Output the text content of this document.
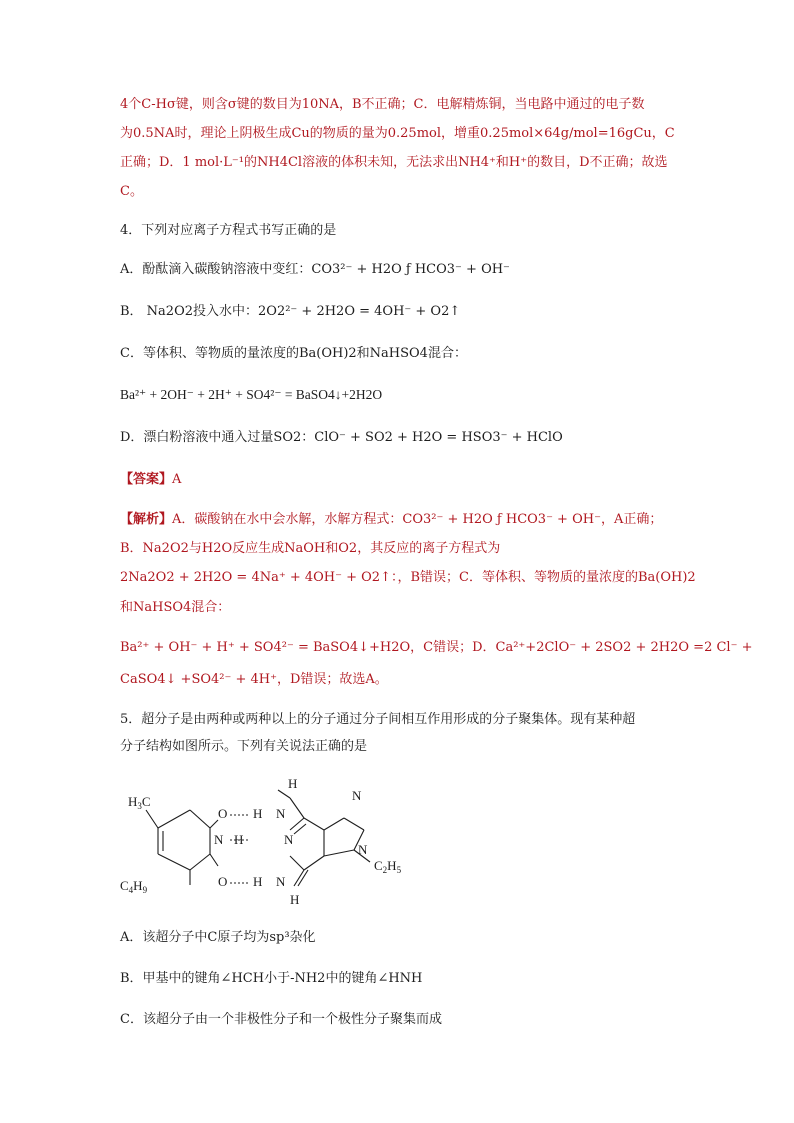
4个C-Hσ键，则含σ键的数目为10NA，B不正确；C．电解精炼铜，当电路中通过的电子数
为0.5NA时，理论上阴极生成Cu的物质的量为0.25mol，增重0.25mol×64g/mol=16gCu，C
正确；D．1 mol·L⁻¹的NH4Cl溶液的体积未知，无法求出NH4⁺和H⁺的数目，D不正确；故选
C。
4．下列对应离子方程式书写正确的是
A．酚酞滴入碳酸钠溶液中变红：CO3²⁻ + H2O ƒ HCO3⁻ + OH⁻
B． Na2O2投入水中：2O2²⁻ + 2H2O = 4OH⁻ + O2↑
C．等体积、等物质的量浓度的Ba(OH)2和NaHSO4混合：
Ba²⁺ + 2OH⁻ + 2H⁺ + SO4²⁻ = BaSO4↓+2H2O
D．漂白粉溶液中通入过量SO2：ClO⁻ + SO2 + H2O = HSO3⁻ + HClO
【答案】A
【解析】A．碳酸钠在水中会水解，水解方程式：CO3²⁻ + H2O ƒ HCO3⁻ + OH⁻，A正确；
B．Na2O2与H2O反应生成NaOH和O2，其反应的离子方程式为
2Na2O2 + 2H2O = 4Na⁺ + 4OH⁻ + O2↑：，B错误；C．等体积、等物质的量浓度的Ba(OH)2
和NaHSO4混合：
Ba²⁺ + OH⁻ + H⁺ + SO4²⁻ = BaSO4↓+H2O，C错误；D．Ca²⁺+2ClO⁻ + 2SO2 + 2H2O =2 Cl⁻ +
CaSO4↓ +SO4²⁻ + 4H⁺，D错误；故选A。
5．超分子是由两种或两种以上的分子通过分子间相互作用形成的分子聚集体。现有某种超
分子结构如图所示。下列有关说法正确的是
$H_3C$
O H N
H
N H	N
O H N
H
$C_4H_9$
N
N
$C_2H_5$
A．该超分子中C原子均为sp³杂化
B．甲基中的键角∠HCH小于-NH2中的键角∠HNH
C．该超分子由一个非极性分子和一个极性分子聚集而成
